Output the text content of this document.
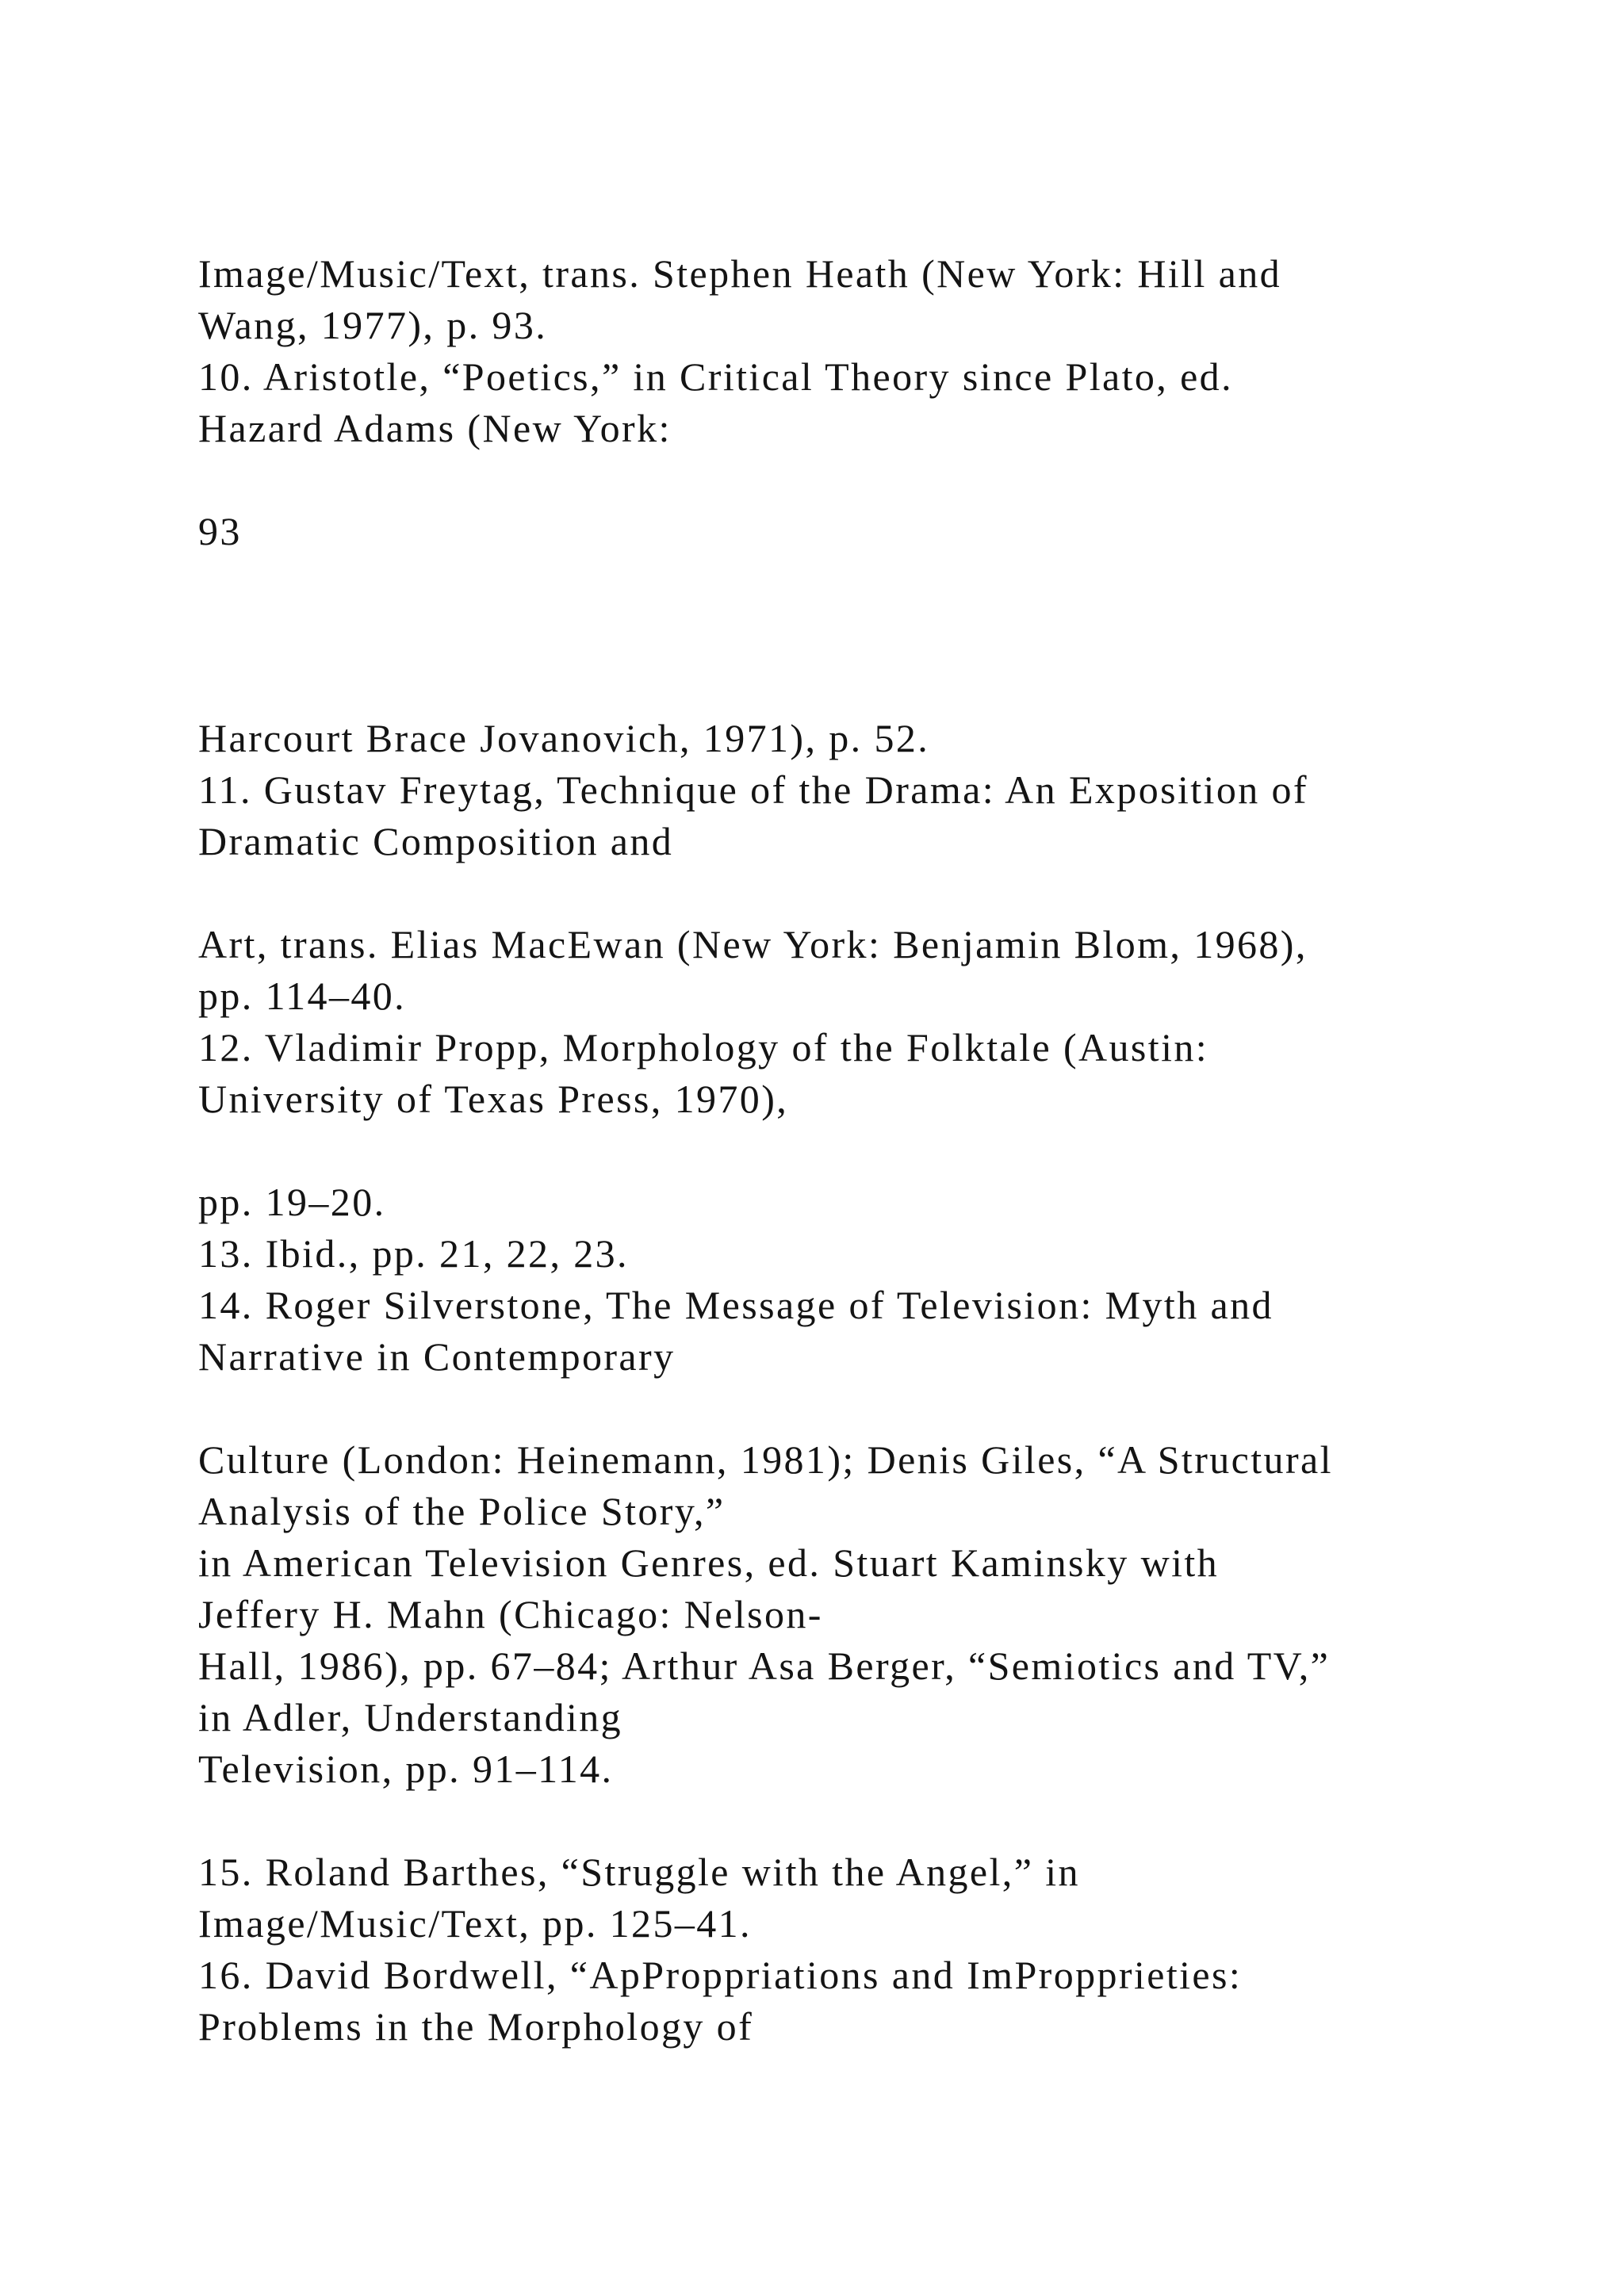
Image/Music/Text, trans. Stephen Heath (New York: Hill and

Wang, 1977), p. 93.

10. Aristotle, “Poetics,” in Critical Theory since Plato, ed.

Hazard Adams (New York:

93

Harcourt Brace Jovanovich, 1971), p. 52.

11. Gustav Freytag, Technique of the Drama: An Exposition of

Dramatic Composition and

Art, trans. Elias MacEwan (New York: Benjamin Blom, 1968),

pp. 114–40.

12. Vladimir Propp, Morphology of the Folktale (Austin:

University of Texas Press, 1970),

pp. 19–20.

13. Ibid., pp. 21, 22, 23.

14. Roger Silverstone, The Message of Television: Myth and

Narrative in Contemporary

Culture (London: Heinemann, 1981); Denis Giles, “A Structural

Analysis of the Police Story,”

in American Television Genres, ed. Stuart Kaminsky with

Jeffery H. Mahn (Chicago: Nelson-

Hall, 1986), pp. 67–84; Arthur Asa Berger, “Semiotics and TV,”

in Adler, Understanding

Television, pp. 91–114.

15. Roland Barthes, “Struggle with the Angel,” in

Image/Music/Text, pp. 125–41.

16. David Bordwell, “ApProppriations and ImPropprieties:

Problems in the Morphology of
